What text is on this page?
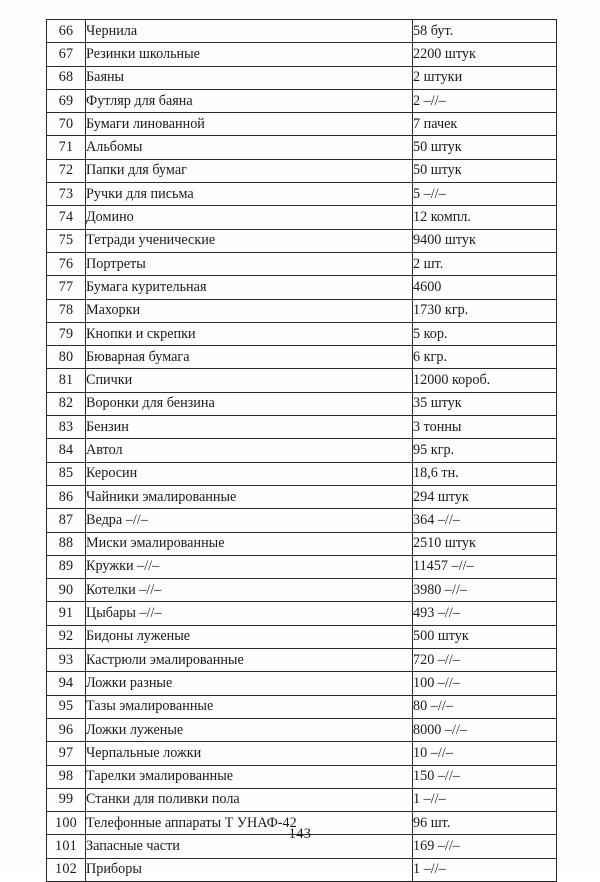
66	Чернила	58 бут.
67	Резинки школьные	2200 штук
68	Баяны	2 штуки
69	Футляр для баяна	2 –//–
70	Бумаги линованной	7 пачек
71	Альбомы	50 штук
72	Папки для бумаг	50 штук
73	Ручки для письма	5 –//–
74	Домино	12 компл.
75	Тетради ученические	9400 штук
76	Портреты	2 шт.
77	Бумага курительная	4600
78	Махорки	1730 кгр.
79	Кнопки и скрепки	5 кор.
80	Бюварная бумага	6 кгр.
81	Спички	12000 короб.
82	Воронки для бензина	35 штук
83	Бензин	3 тонны
84	Автол	95 кгр.
85	Керосин	18,6 тн.
86	Чайники эмалированные	294 штук
87	Ведра –//–	364 –//–
88	Миски эмалированные	2510 штук
89	Кружки –//–	11457 –//–
90	Котелки –//–	3980 –//–
91	Цыбары –//–	493 –//–
92	Бидоны луженые	500 штук
93	Кастрюли эмалированные	720 –//–
94	Ложки разные	100 –//–
95	Тазы эмалированные	80 –//–
96	Ложки луженые	8000 –//–
97	Черпальные ложки	10 –//–
98	Тарелки эмалированные	150 –//–
99	Станки для поливки пола	1 –//–
100	Телефонные аппараты Т УНАФ-42	96 шт.
101	Запасные части	169 –//–
102	Приборы	1 –//–
143
